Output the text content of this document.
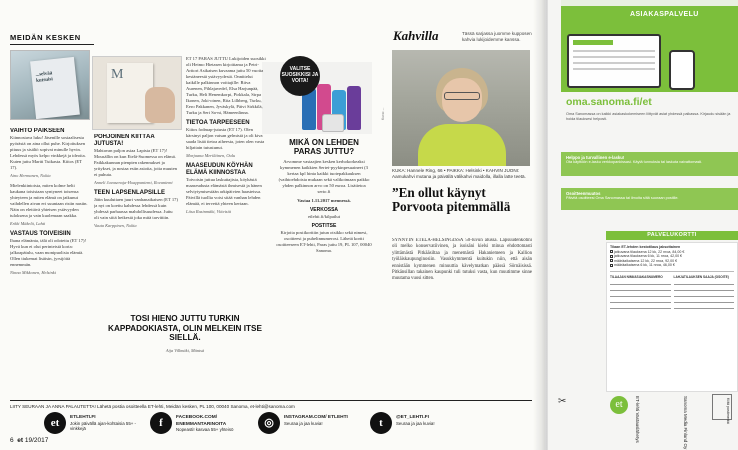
MEIDÄN KESKEN
...selvää
kutsuisi	M	VALITSE SUOSIKKISI JA VOITA!
VAIHTO PÄIKSEEN
Kiinnostava luku! Jäsenille sosiaalisesta pyörästä on aina ollut puhe. Kirjoituksen pituus ja sisältö sopivat minulle hyvin. Lehdessä myös kelpo vinkkejä ja ideoita. Kuten juttu Martti Tuikasta. Kiitos (ET 17).
Aino Hermanen, Nokia
Mielenkiintoista, miten kolme helti kaukana toisistaan syntyneet toisensa yhteyteen ja miten elämä on jatkunut vaihdellen aivan eri suuntaan ristin nastin. Näin on elettävä yhteisen ystävyyden tuloksena ja vain kuolemaan saakka.
Erkki Mäkelä, Lahti
VASTAUS TOIVEISIIN
Ihana elämänta, tälä oli odotettu (ET 17)! Hyvä kun ei olut perinteistä koria: jalkoapätulu, vaan monipuolisia elämiä. Ollen tiukemat lisäisin, jyrsijöitä ennemmän.
Ninna Mikkonen, Helsinki
POHJOINEN KIITTÄÄ JUTUSTA!
Mahtavan paljon asiaa Lapista (ET 17)! Mousällin on kun Etelä-Suomessa on elämä. Paikkakunnan pienpien rakennukset ja yritykset, ja nostaa esiin asioita, joita muuten ei puhuta.
Anneli Juvasenoja-Hoappaniemi, Rovaniemi
TEEN LAPSENLAPSILLE
Jätin kuuluttaen juuri vanhanaikaisen (ET 17) ja nyt on koettu kahdessa lehdessä kuin yhdessä parhaassa mahdollisuudessa. Juttu oli vain siitä hetkestä joka mitä tarvittiin.
Vauta Karppinen, Nokia
ET 17 PARAS JUTTU Lukijoiden suosikki oli Heimo Hietasen kirjoittama ja Petri-Arttori Asikaisen kuvaama juttu 50 vuotta kestäneestä ystävyydestä. Onnittelut kaikille palkinnon voittajille: Ritva Aurenen, Pihlajavedel, Elsa Harjunpää, Turku, Heli Henemkorpi, Pirkkala, Sirpa Ikonen, Joki-oinen, Rita Lilhberg, Turku, Eero Pakkanen, Jyväskylä, Päivi Sirkkilä, Turku ja Seri Sa-ni, Hämeenlinna.
TIETOA TARPEESEEN
Kiitos fodmap-jutusta (ET 17). Olen kärsinyt paljon vatsan gelmistä ja oli kiva saada lisää tietoa aiheesta, joten olen vasta hiljattain tutustunut.
Marjaana Meriläinen, Oulu
MAASEUDUN KÖYHÄN ELÄMÄ KIINNOSTAA
Toivoisin juttua laskuttajista, köyhästä maaseudusta elämästä ihmisestä ja hänen selviytymisestään arkipäivien haasteissa. Päivillä tuollia voisi sitää vanhan lehden elämää, ei tervettä yhteen kertaan.
Liisa Rasinmäki, Viiteisiä
TOSI HIENO JUTTU TURKIN KAPPADOKIASTA, OLIN MELKEIN ITSE SIELLÄ.
Aija Villmäki, Mäntsä
MIKÄ ON LEHDEN PARAS JUTTU?
Arvomme vastaajien kesken kerhokorkeaksi kymmenen kaikkien Sertei-pyykinpesuaineet (3 kertaa kpl hinta kaikki tuotepakkauksen (vaihtoehdoista mukaan sekä valikoimaan paikko yhden palkinnon arvo on 50 euroa. Lisätietoa serto.fi
Vastaa 1.11.2017 mennessä.
VERKOSSA
etlehti.fi/kilpailut
POSTITSE
Kirjoita postikorttiin jutun otsikko sekä nimesi, osoitteesi ja puhelinnumerosi. Lähetä kortti osoitteeseen ET-lehti, Paras juttu 19, PL 107, 00040 Sanoma.
Kahvilla	Tässä sarjassa juomme kupposen kahvia lukijoidemme kanssa.
Kuva: ...
KUKA: Hannele Ring, 66 • PAIKKA: Helsinki • KAHVIN JUONI: Aamukahvi mutana ja päivällä välikahvi maidolla, illalla latte teetä.
”En ollut käynyt Porvoota pitemmällä
SYNNYIN ETELÄ-HELSINGISSÄ 50-luvun alussa. Lapsuudenkotini oli melko konservatiivinen, ja isoisäni kielsi minua ehdottomasti ylittämästä Pitkääsiltaa ja menemästä Hakaniemeen ja Kallion työläiskaupunginosiin. Vasukkymmentä kuitukin niin, että aisän ennistään kymmenen minuuttia kävelymatkan päässä Sörnäisissä. Pitkänsillan takainen kaupunki tuli tutuksi vasta, kun muutimme sinne muutama vuosi sitten.
LIITY SEURAAN JA ANNA PALAUTETTA! Lähetä postia osoitteella ET-lehti, Meidän kesken, PL 100, 00040 Sanoma, et-lehti@sanoma.com
et	ETLEHTI.FI
Jokin päivällä ajan-kohtaisia 55+ -vinkkejä	f	FACEBOOK.COM/ ENEMMANTARINOITA
Nopeasti! kasvaa 55+ yhteisö
◎	INSTAGRAM.COM/ ETLEHTI
Seuraa ja jaa kuvia!	t	@ET_LEHTI.FI
Seuraa ja jaa kuvia!
6 et 19/2017
ASIAKASPALVELU
oma.sanoma.fi/et
Oma Sanomassa on kaikki asiakaskokemiseen liittyvät asiat yhdessä paikassa. Kirjaudu sisään ja hoida tilauksesi helposti.
Helppo ja turvallinen e-lasku!
Ota käyttöön e-lasku verkkopankissasi. Käytä tunnuksia tai laskuta vaivattomasti.
Osoitteenmuutos
Päivitä osoitteesi Oma Sanomassa tai ilmoita siitä suoraan postille.
PALVELUKORTTI
Tilaan ET-lehden kestotilaus jaksottainen
jatkuvana tilauksena 12 kk, 22 nroa, 84,00 €
jatkuvana tilauksena 6 kk, 11 nroa, 42,00 €
määräaikaisena 12 kk, 22 nroa, 92,00 €
määräaikaisena 6 kk, 11 nroa, 46,00 €
TILAAJAN NIMI/ASIAKASNUMERO	LAHJATILAUKSEN SAAJA (OSOITE)
✂	et	ET-lehti Vastauslähetys	Sanoma Media Finland Oy	Kiitä postimerkki
